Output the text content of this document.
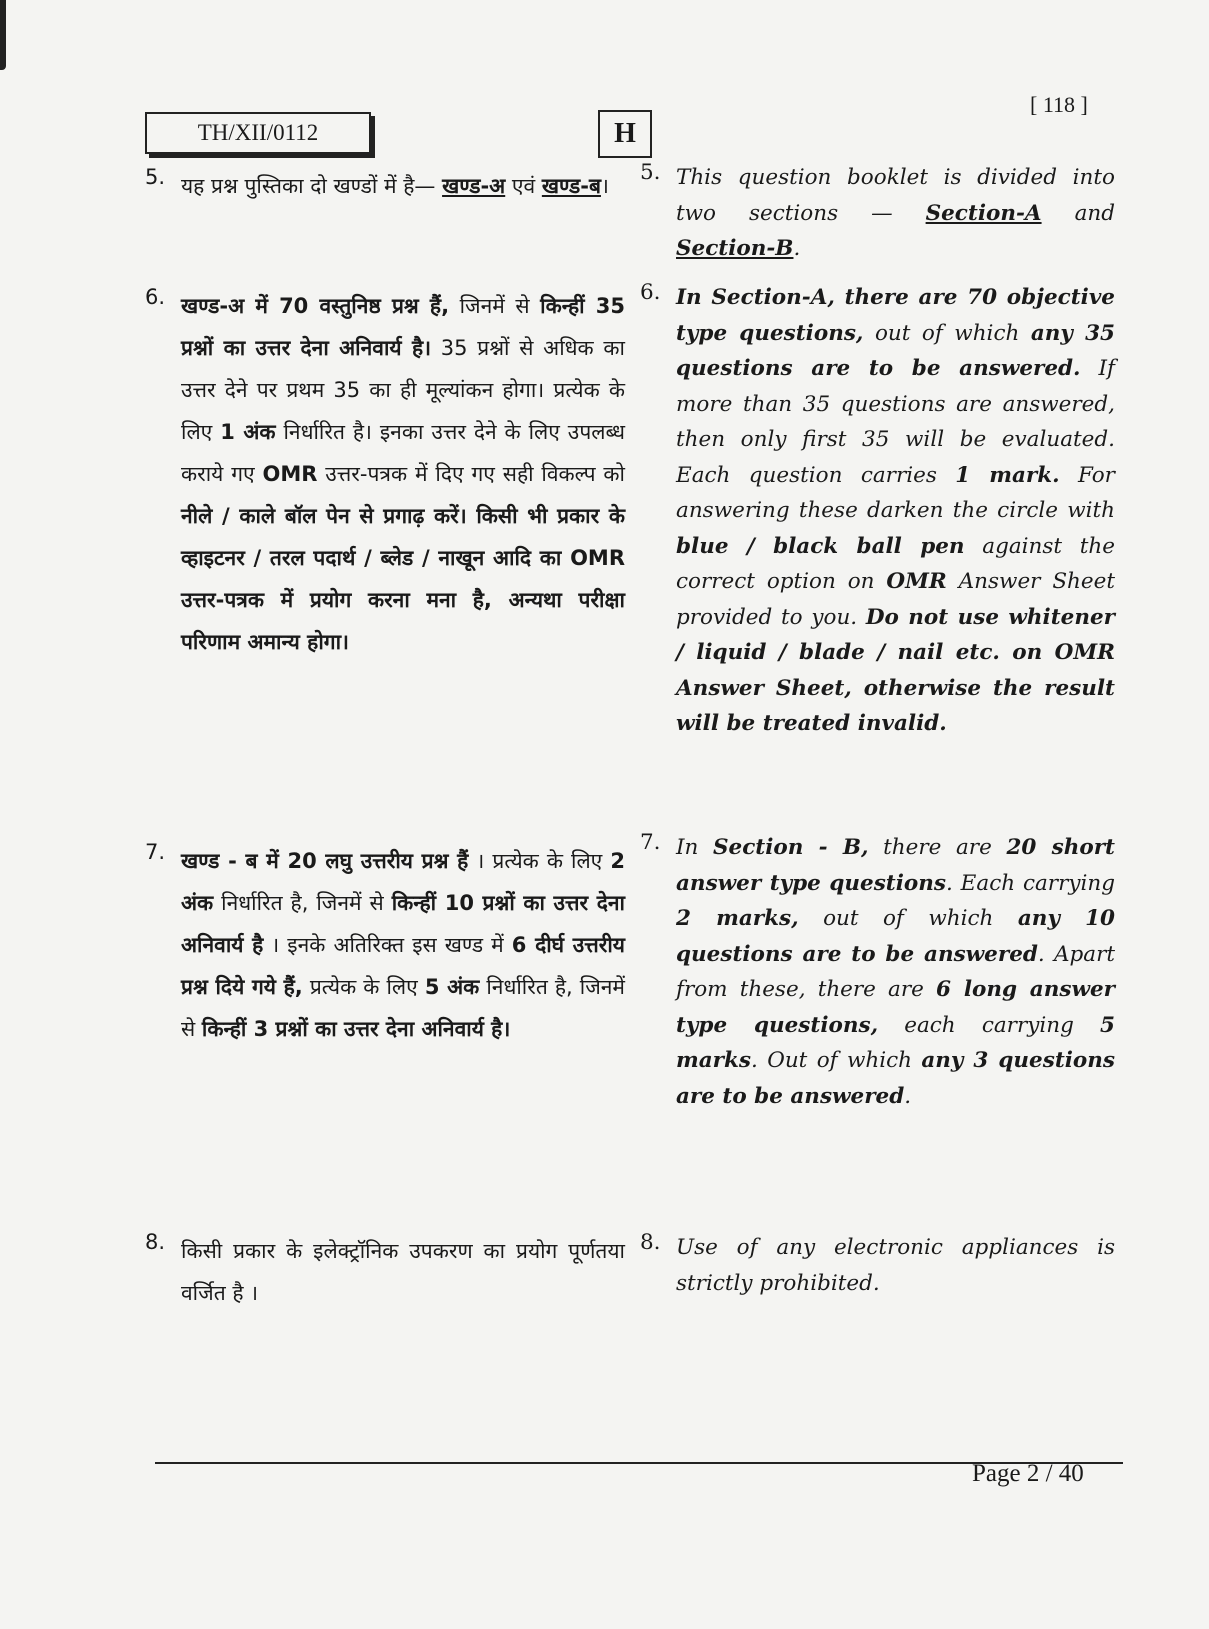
TH/XII/0112	H
[ 118 ]
5. यह प्रश्न पुस्तिका दो खण्डों में है— खण्ड-अ एवं खण्ड-ब।
6. खण्ड-अ में 70 वस्तुनिष्ठ प्रश्न हैं, जिनमें से किन्हीं 35 प्रश्नों का उत्तर देना अनिवार्य है। 35 प्रश्नों से अधिक का उत्तर देने पर प्रथम 35 का ही मूल्यांकन होगा। प्रत्येक के लिए 1 अंक निर्धारित है। इनका उत्तर देने के लिए उपलब्ध कराये गए OMR उत्तर-पत्रक में दिए गए सही विकल्प को नीले / काले बॉल पेन से प्रगाढ़ करें। किसी भी प्रकार के व्हाइटनर / तरल पदार्थ / ब्लेड / नाखून आदि का OMR उत्तर-पत्रक में प्रयोग करना मना है, अन्यथा परीक्षा परिणाम अमान्य होगा।
7. खण्ड - ब में 20 लघु उत्तरीय प्रश्न हैं । प्रत्येक के लिए 2 अंक निर्धारित है, जिनमें से किन्हीं 10 प्रश्नों का उत्तर देना अनिवार्य है । इनके अतिरिक्त इस खण्ड में 6 दीर्घ उत्तरीय प्रश्न दिये गये हैं, प्रत्येक के लिए 5 अंक निर्धारित है, जिनमें से किन्हीं 3 प्रश्नों का उत्तर देना अनिवार्य है।
8. किसी प्रकार के इलेक्ट्रॉनिक उपकरण का प्रयोग पूर्णतया वर्जित है ।
5. This question booklet is divided into two sections — Section-A and Section-B.
6. In Section-A, there are 70 objective type questions, out of which any 35 questions are to be answered. If more than 35 questions are answered, then only first 35 will be evaluated. Each question carries 1 mark. For answering these darken the circle with blue / black ball pen against the correct option on OMR Answer Sheet provided to you. Do not use whitener / liquid / blade / nail etc. on OMR Answer Sheet, otherwise the result will be treated invalid.
7. In Section - B, there are 20 short answer type questions. Each carrying 2 marks, out of which any 10 questions are to be answered. Apart from these, there are 6 long answer type questions, each carrying 5 marks. Out of which any 3 questions are to be answered.
8. Use of any electronic appliances is strictly prohibited.
Page 2 / 40
